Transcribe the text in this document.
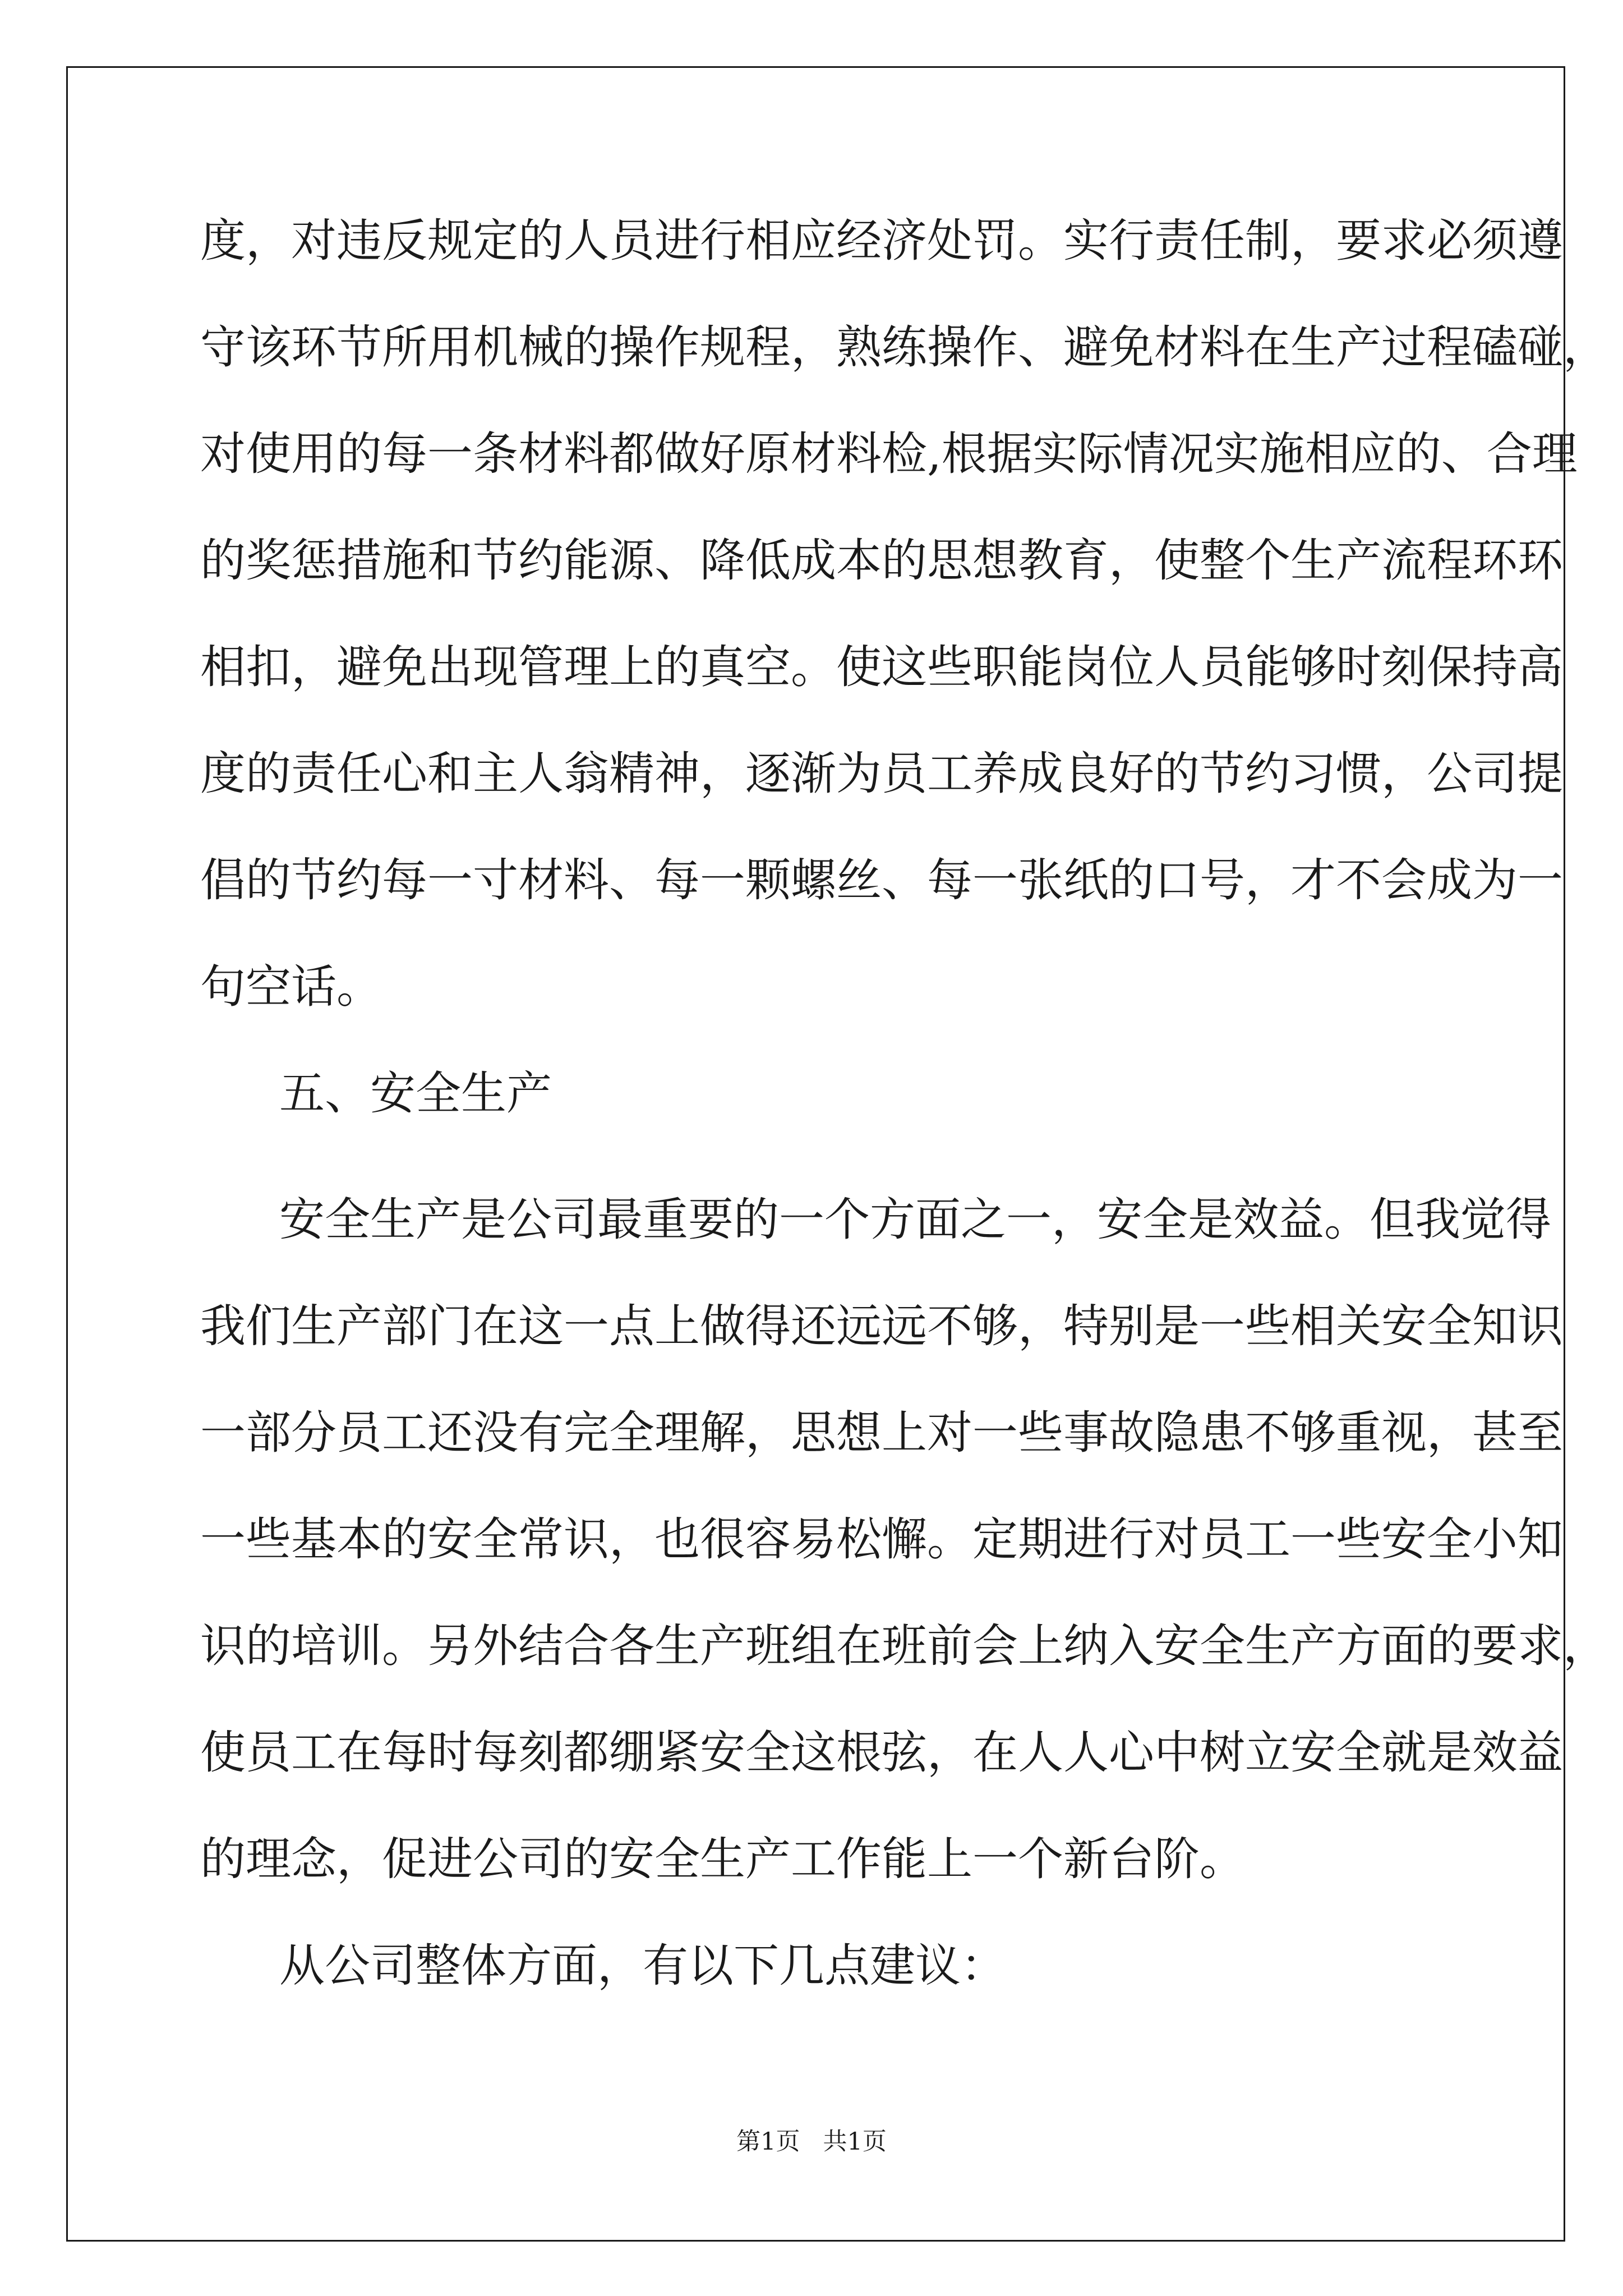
度，对违反规定的人员进行相应经济处罚。实行责任制，要求必须遵

守该环节所用机械的操作规程，熟练操作、避免材料在生产过程磕碰，

对使用的每一条材料都做好原材料检,根据实际情况实施相应的、合理

的奖惩措施和节约能源、降低成本的思想教育，使整个生产流程环环

相扣，避免出现管理上的真空。使这些职能岗位人员能够时刻保持高

度的责任心和主人翁精神，逐渐为员工养成良好的节约习惯，公司提

倡的节约每一寸材料、每一颗螺丝、每一张纸的口号，才不会成为一

句空话。

五、安全生产

安全生产是公司最重要的一个方面之一，安全是效益。但我觉得

我们生产部门在这一点上做得还远远不够，特别是一些相关安全知识

一部分员工还没有完全理解，思想上对一些事故隐患不够重视，甚至

一些基本的安全常识，也很容易松懈。定期进行对员工一些安全小知

识的培训。另外结合各生产班组在班前会上纳入安全生产方面的要求，

使员工在每时每刻都绷紧安全这根弦，在人人心中树立安全就是效益

的理念，促进公司的安全生产工作能上一个新台阶。

从公司整体方面，有以下几点建议：

第1页   共1页
